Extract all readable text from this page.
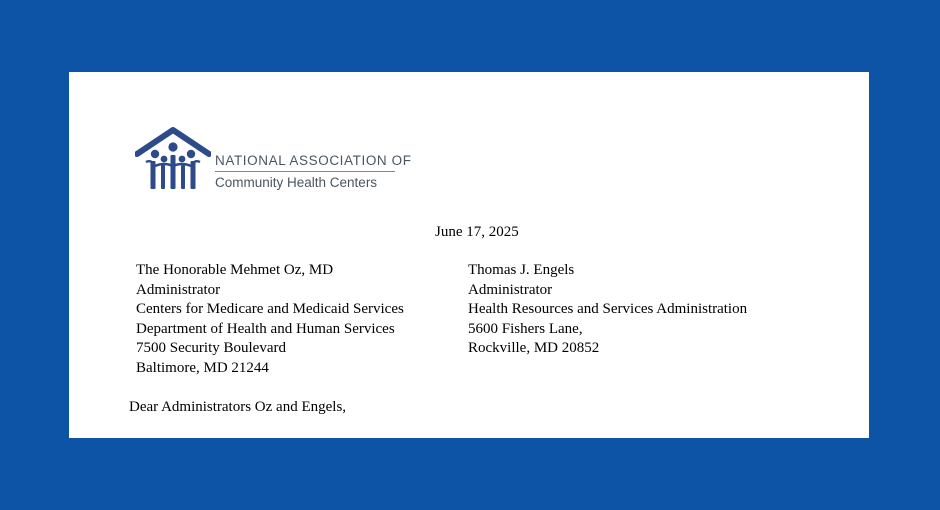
NATIONAL ASSOCIATION OF
Community Health Centers
June 17, 2025
The Honorable Mehmet Oz, MD
Administrator
Centers for Medicare and Medicaid Services
Department of Health and Human Services
7500 Security Boulevard
Baltimore, MD 21244
Thomas J. Engels
Administrator
Health Resources and Services Administration
5600 Fishers Lane,
Rockville, MD 20852
Dear Administrators Oz and Engels,
